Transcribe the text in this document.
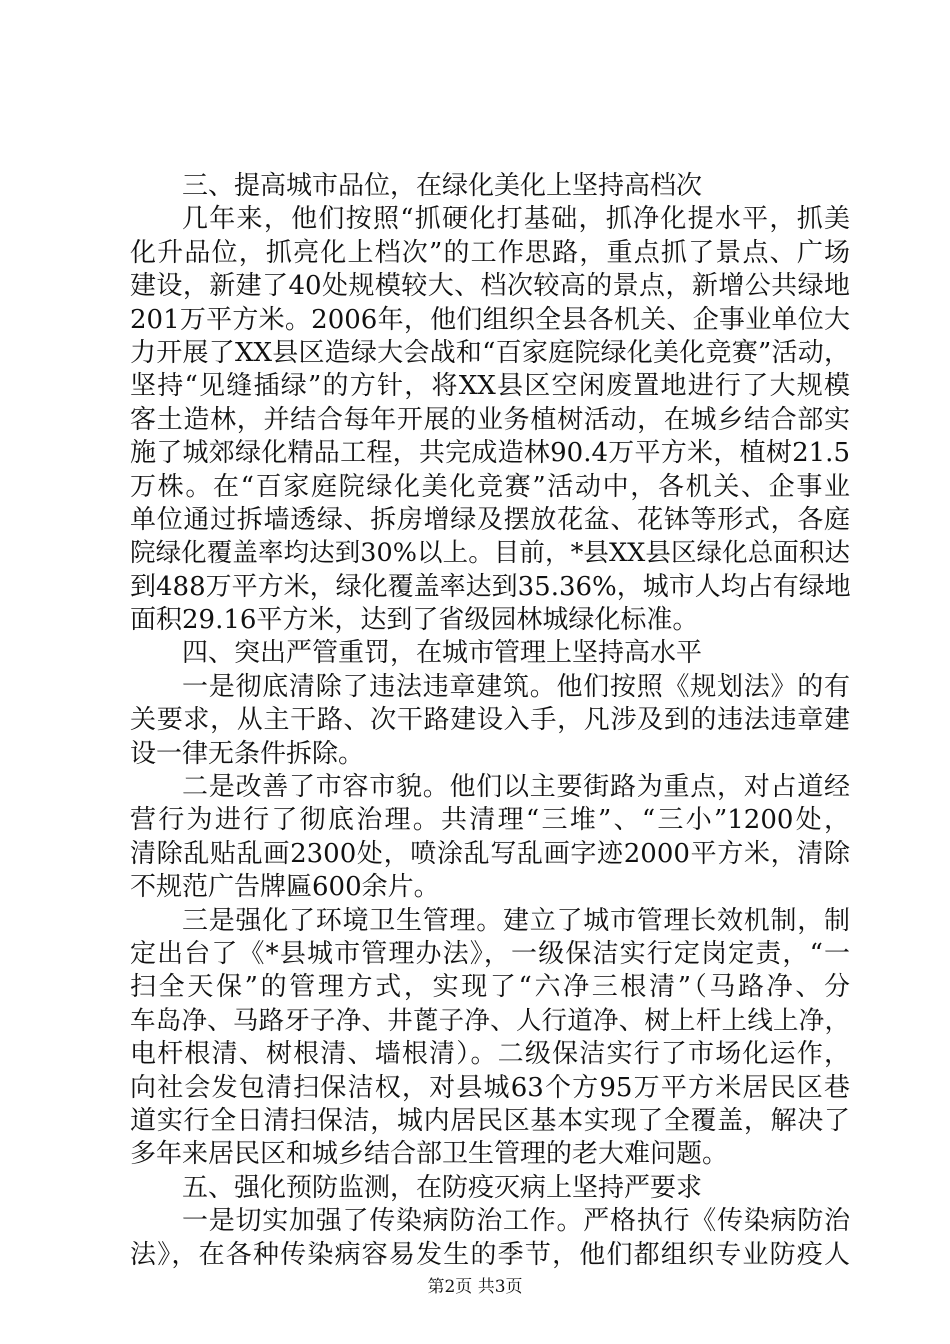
三、提高城市品位，在绿化美化上坚持高档次
几年来，他们按照“抓硬化打基础，抓净化提水平，抓美
化升品位，抓亮化上档次”的工作思路，重点抓了景点、广场
建设，新建了40处规模较大、档次较高的景点，新增公共绿地
201万平方米。2006年，他们组织全县各机关、企事业单位大
力开展了XX县区造绿大会战和“百家庭院绿化美化竞赛”活动，
坚持“见缝插绿”的方针，将XX县区空闲废置地进行了大规模
客土造林，并结合每年开展的业务植树活动，在城乡结合部实
施了城郊绿化精品工程，共完成造林90.4万平方米，植树21.5
万株。在“百家庭院绿化美化竞赛”活动中，各机关、企事业
单位通过拆墙透绿、拆房增绿及摆放花盆、花钵等形式，各庭
院绿化覆盖率均达到30%以上。目前，*县XX县区绿化总面积达
到488万平方米，绿化覆盖率达到35.36%，城市人均占有绿地
面积29.16平方米，达到了省级园林城绿化标准。
四、突出严管重罚，在城市管理上坚持高水平
一是彻底清除了违法违章建筑。他们按照《规划法》的有
关要求，从主干路、次干路建设入手，凡涉及到的违法违章建
设一律无条件拆除。
二是改善了市容市貌。他们以主要街路为重点，对占道经
营行为进行了彻底治理。共清理“三堆”、“三小”1200处，
清除乱贴乱画2300处，喷涂乱写乱画字迹2000平方米，清除
不规范广告牌匾600余片。
三是强化了环境卫生管理。建立了城市管理长效机制，制
定出台了《*县城市管理办法》，一级保洁实行定岗定责，“一
扫全天保”的管理方式，实现了“六净三根清”（马路净、分
车岛净、马路牙子净、井蓖子净、人行道净、树上杆上线上净，
电杆根清、树根清、墙根清）。二级保洁实行了市场化运作，
向社会发包清扫保洁权，对县城63个方95万平方米居民区巷
道实行全日清扫保洁，城内居民区基本实现了全覆盖，解决了
多年来居民区和城乡结合部卫生管理的老大难问题。
五、强化预防监测，在防疫灭病上坚持严要求
一是切实加强了传染病防治工作。严格执行《传染病防治
法》，在各种传染病容易发生的季节，他们都组织专业防疫人
第2页 共3页
